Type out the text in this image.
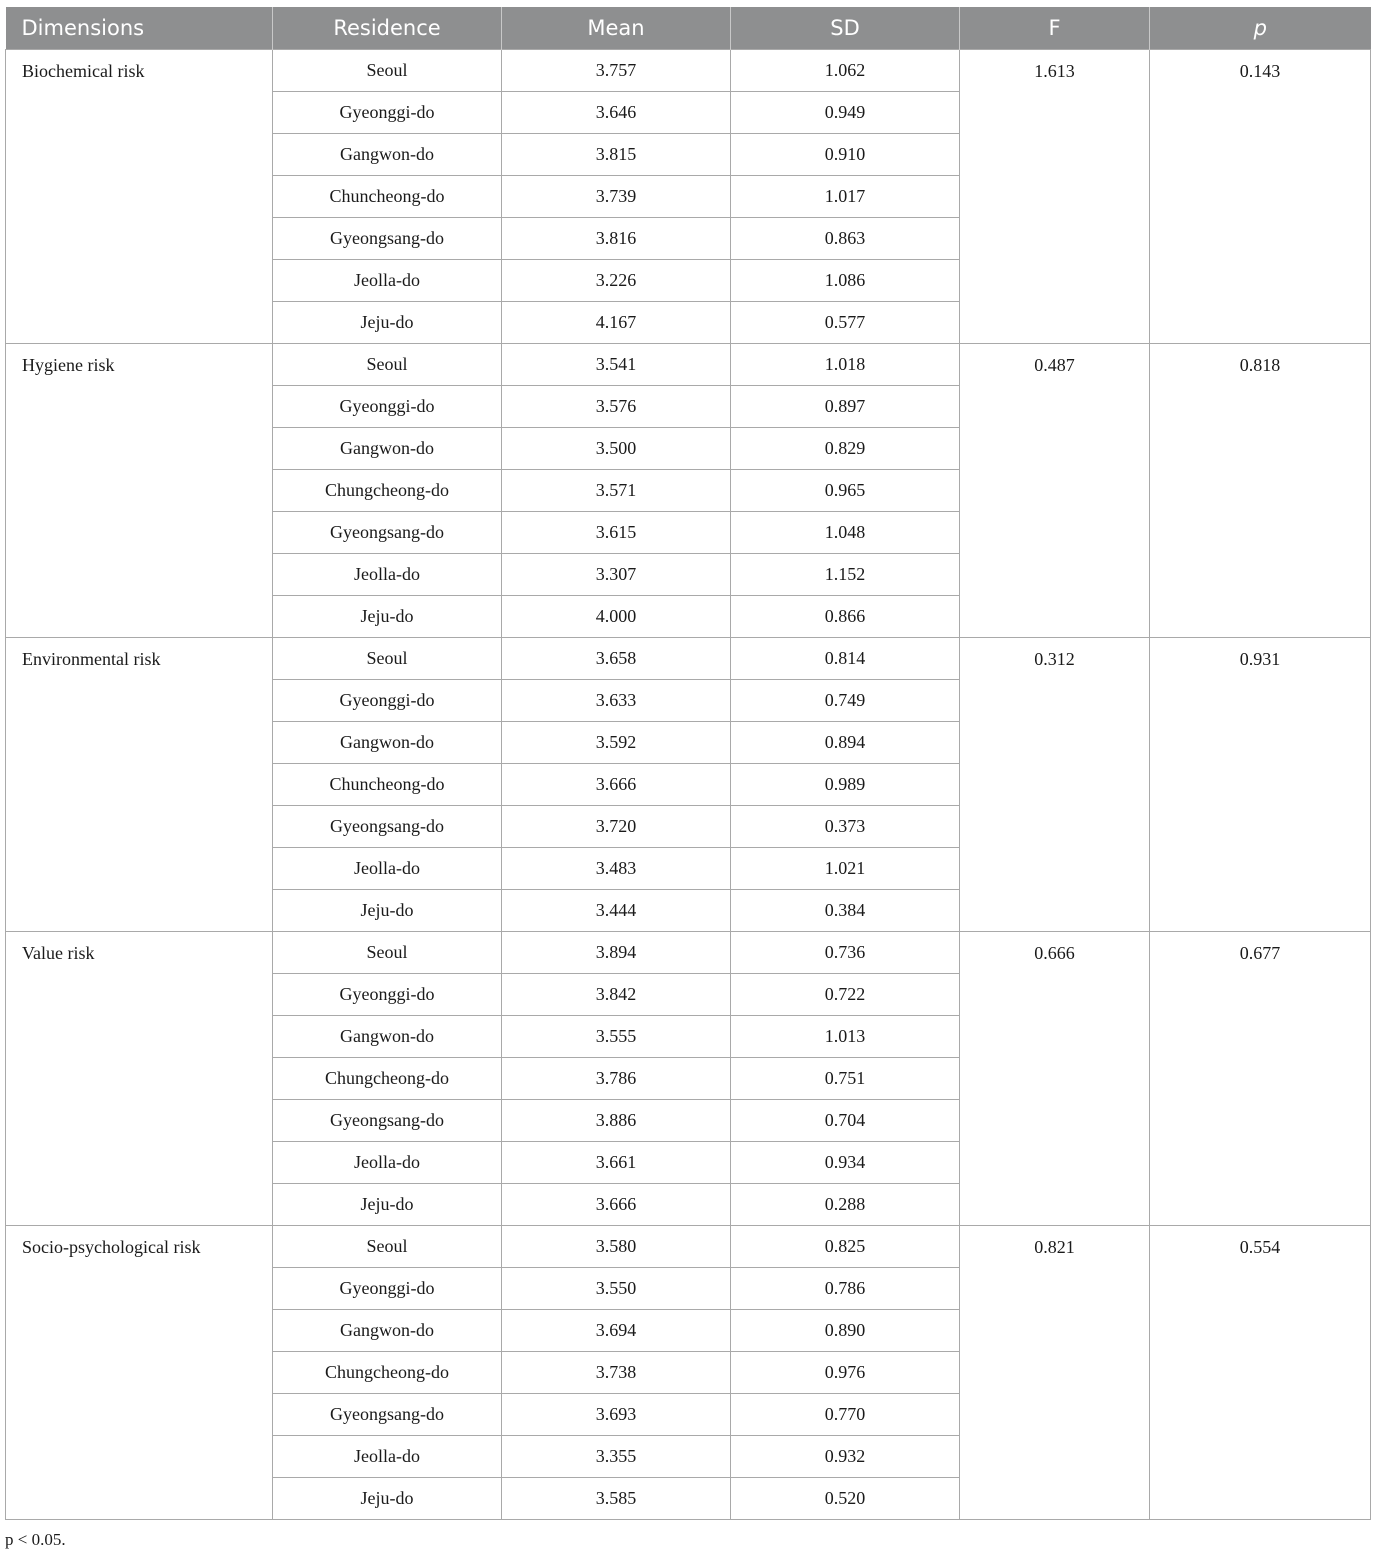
Dimensions	Residence	Mean	SD	F	p
Biochemical risk	Seoul	3.757	1.062	1.613	0.143
	Gyeonggi-do	3.646	0.949		
	Gangwon-do	3.815	0.910		
	Chuncheong-do	3.739	1.017		
	Gyeongsang-do	3.816	0.863		
	Jeolla-do	3.226	1.086		
	Jeju-do	4.167	0.577		
Hygiene risk	Seoul	3.541	1.018	0.487	0.818
	Gyeonggi-do	3.576	0.897		
	Gangwon-do	3.500	0.829		
	Chungcheong-do	3.571	0.965		
	Gyeongsang-do	3.615	1.048		
	Jeolla-do	3.307	1.152		
	Jeju-do	4.000	0.866		
Environmental risk	Seoul	3.658	0.814	0.312	0.931
	Gyeonggi-do	3.633	0.749		
	Gangwon-do	3.592	0.894		
	Chuncheong-do	3.666	0.989		
	Gyeongsang-do	3.720	0.373		
	Jeolla-do	3.483	1.021		
	Jeju-do	3.444	0.384		
Value risk	Seoul	3.894	0.736	0.666	0.677
	Gyeonggi-do	3.842	0.722		
	Gangwon-do	3.555	1.013		
	Chungcheong-do	3.786	0.751		
	Gyeongsang-do	3.886	0.704		
	Jeolla-do	3.661	0.934		
	Jeju-do	3.666	0.288		
Socio-psychological risk	Seoul	3.580	0.825	0.821	0.554
	Gyeonggi-do	3.550	0.786		
	Gangwon-do	3.694	0.890		
	Chungcheong-do	3.738	0.976		
	Gyeongsang-do	3.693	0.770		
	Jeolla-do	3.355	0.932		
	Jeju-do	3.585	0.520		
p < 0.05.
